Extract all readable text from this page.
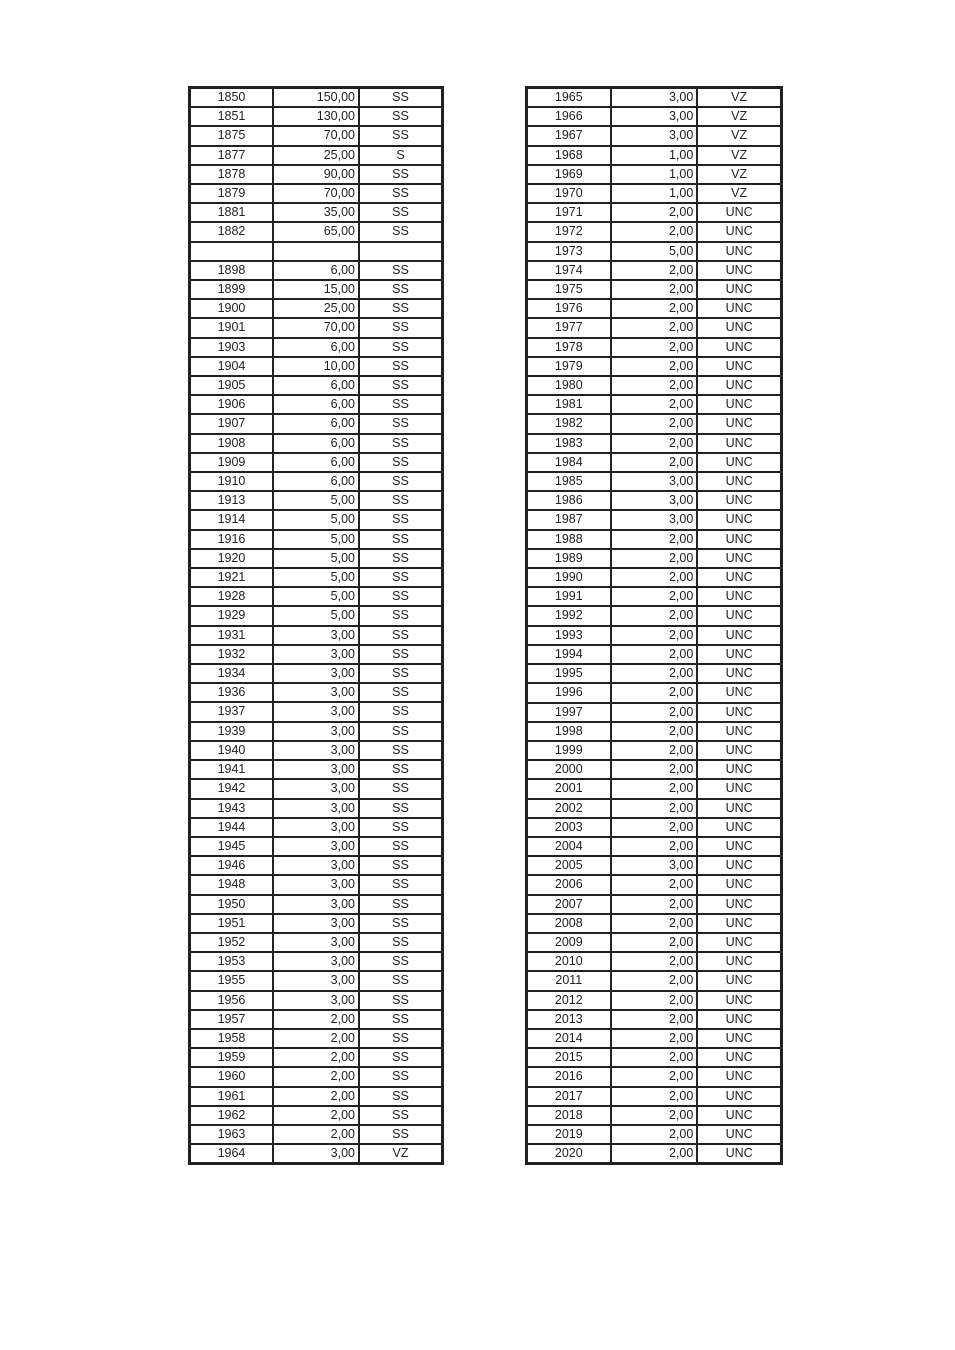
1850	150,00	SS
1851	130,00	SS
1875	70,00	SS
1877	25,00	S
1878	90,00	SS
1879	70,00	SS
1881	35,00	SS
1882	65,00	SS

1898	6,00	SS
1899	15,00	SS
1900	25,00	SS
1901	70,00	SS
1903	6,00	SS
1904	10,00	SS
1905	6,00	SS
1906	6,00	SS
1907	6,00	SS
1908	6,00	SS
1909	6,00	SS
1910	6,00	SS
1913	5,00	SS
1914	5,00	SS
1916	5,00	SS
1920	5,00	SS
1921	5,00	SS
1928	5,00	SS
1929	5,00	SS
1931	3,00	SS
1932	3,00	SS
1934	3,00	SS
1936	3,00	SS
1937	3,00	SS
1939	3,00	SS
1940	3,00	SS
1941	3,00	SS
1942	3,00	SS
1943	3,00	SS
1944	3,00	SS
1945	3,00	SS
1946	3,00	SS
1948	3,00	SS
1950	3,00	SS
1951	3,00	SS
1952	3,00	SS
1953	3,00	SS
1955	3,00	SS
1956	3,00	SS
1957	2,00	SS
1958	2,00	SS
1959	2,00	SS
1960	2,00	SS
1961	2,00	SS
1962	2,00	SS
1963	2,00	SS
1964	3,00	VZ
1965	3,00	VZ
1966	3,00	VZ
1967	3,00	VZ
1968	1,00	VZ
1969	1,00	VZ
1970	1,00	VZ
1971	2,00	UNC
1972	2,00	UNC
1973	5,00	UNC
1974	2,00	UNC
1975	2,00	UNC
1976	2,00	UNC
1977	2,00	UNC
1978	2,00	UNC
1979	2,00	UNC
1980	2,00	UNC
1981	2,00	UNC
1982	2,00	UNC
1983	2,00	UNC
1984	2,00	UNC
1985	3,00	UNC
1986	3,00	UNC
1987	3,00	UNC
1988	2,00	UNC
1989	2,00	UNC
1990	2,00	UNC
1991	2,00	UNC
1992	2,00	UNC
1993	2,00	UNC
1994	2,00	UNC
1995	2,00	UNC
1996	2,00	UNC
1997	2,00	UNC
1998	2,00	UNC
1999	2,00	UNC
2000	2,00	UNC
2001	2,00	UNC
2002	2,00	UNC
2003	2,00	UNC
2004	2,00	UNC
2005	3,00	UNC
2006	2,00	UNC
2007	2,00	UNC
2008	2,00	UNC
2009	2,00	UNC
2010	2,00	UNC
2011	2,00	UNC
2012	2,00	UNC
2013	2,00	UNC
2014	2,00	UNC
2015	2,00	UNC
2016	2,00	UNC
2017	2,00	UNC
2018	2,00	UNC
2019	2,00	UNC
2020	2,00	UNC
